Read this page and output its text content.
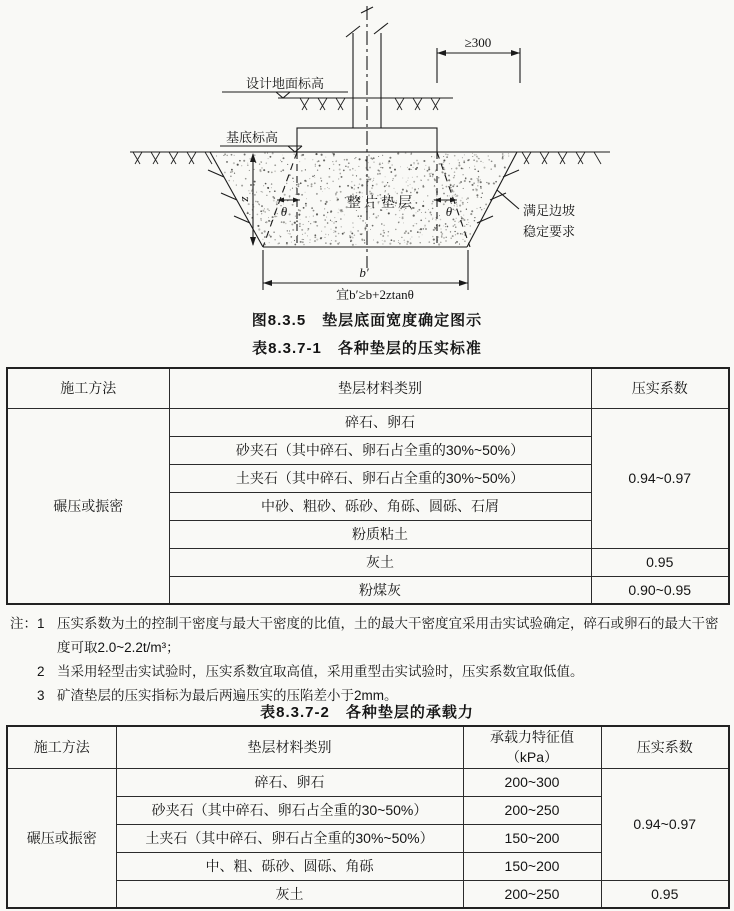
≥300
设计地面标高
基底标高
整片垫层
满足边坡
稳定要求
z
θ	θ
b′
宜b′≥b+2ztanθ
图8.3.5 垫层底面宽度确定图示
表8.3.7-1 各种垫层的压实标准
施工方法	垫层材料类别	压实系数
碾压或振密	碎石、卵石	0.94~0.97
	砂夹石（其中碎石、卵石占全重的30%~50%）	
	土夹石（其中碎石、卵石占全重的30%~50%）	
	中砂、粗砂、砾砂、角砾、圆砾、石屑	
	粉质粘土	
	灰土	0.95
	粉煤灰	0.90~0.95
注： 1 压实系数为土的控制干密度与最大干密度的比值，土的最大干密度宜采用击实试验确定，碎石或卵石的最大干密度可取2.0~2.2t/m³；
2 当采用轻型击实试验时，压实系数宜取高值，采用重型击实试验时，压实系数宜取低值。
3 矿渣垫层的压实指标为最后两遍压实的压陷差小于2mm。
表8.3.7-2 各种垫层的承载力
施工方法	垫层材料类别	承载力特征值（kPa）	压实系数
碾压或振密	碎石、卵石	200~300	0.94~0.97
	砂夹石（其中碎石、卵石占全重的30~50%）	200~250	
	土夹石（其中碎石、卵石占全重的30%~50%）	150~200	
	中、粗、砾砂、圆砾、角砾	150~200	
	灰土	200~250	0.95
